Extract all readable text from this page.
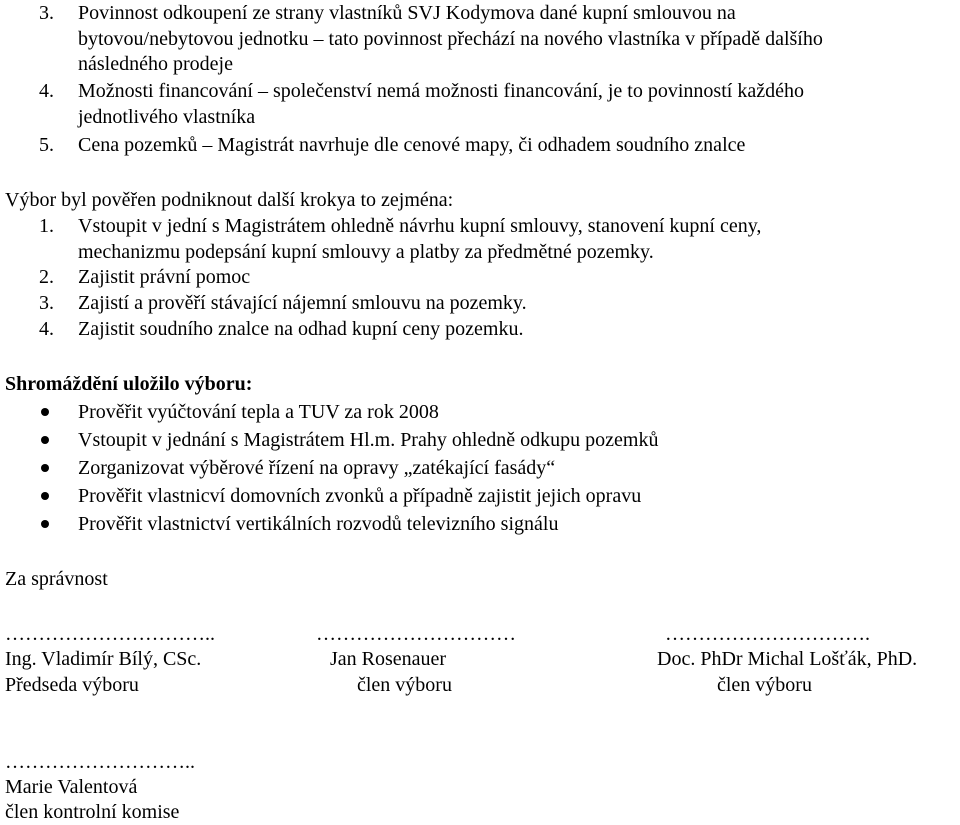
3. Povinnost odkoupení ze strany vlastníků SVJ Kodymova dané kupní smlouvou na
bytovou/nebytovou jednotku – tato povinnost přechází na nového vlastníka v případě dalšího
následného prodeje
4. Možnosti financování – společenství nemá možnosti financování, je to povinností každého
jednotlivého vlastníka
5. Cena pozemků – Magistrát navrhuje dle cenové mapy, či odhadem soudního znalce
Výbor byl pověřen podniknout další krokya to zejména:
1. Vstoupit v jední s Magistrátem ohledně návrhu kupní smlouvy, stanovení kupní ceny,
mechanizmu podepsání kupní smlouvy a platby za předmětné pozemky.
2. Zajistit právní pomoc
3. Zajistí a prověří stávající nájemní smlouvu na pozemky.
4. Zajistit soudního znalce na odhad kupní ceny pozemku.
Shromáždění uložilo výboru:
Prověřit vyúčtování tepla a TUV za rok 2008
Vstoupit v jednání s Magistrátem Hl.m. Prahy ohledně odkupu pozemků
Zorganizovat výběrové řízení na opravy „zatékající fasády“
Prověřit vlastnicví domovních zvonků a případně zajistit jejich opravu
Prověřit vlastnictví vertikálních rozvodů televizního signálu
Za správnost
…………………………..	…………………………	………………………….
Ing. Vladimír Bílý, CSc.	Jan Rosenauer	Doc. PhDr Michal Lošťák, PhD.
Předseda výboru	člen výboru	člen výboru
………………………..
Marie Valentová
člen kontrolní komise
